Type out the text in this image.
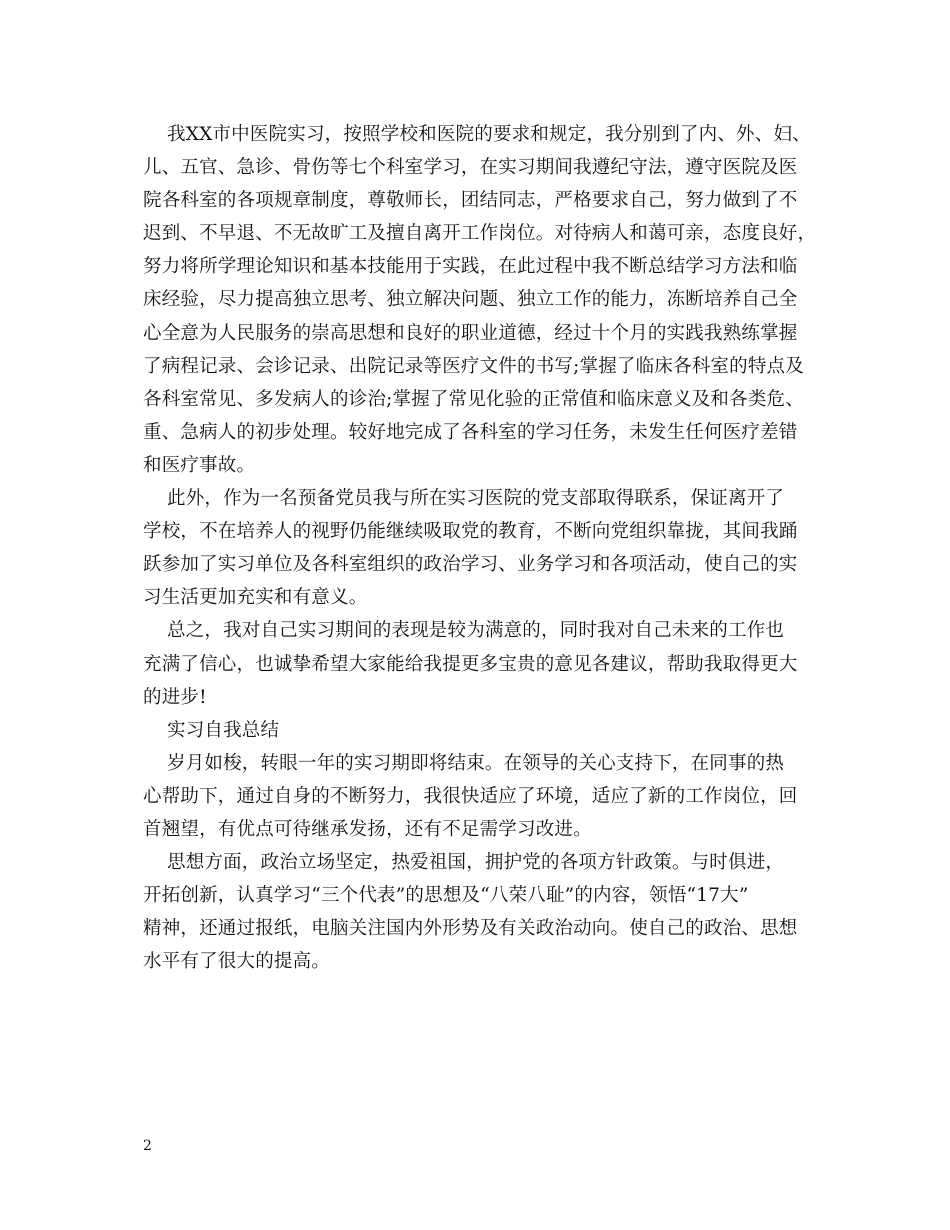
我XX市中医院实习，按照学校和医院的要求和规定，我分别到了内、外、妇、
儿、五官、急诊、骨伤等七个科室学习，在实习期间我遵纪守法，遵守医院及医
院各科室的各项规章制度，尊敬师长，团结同志，严格要求自己，努力做到了不
迟到、不早退、不无故旷工及擅自离开工作岗位。对待病人和蔼可亲，态度良好，
努力将所学理论知识和基本技能用于实践，在此过程中我不断总结学习方法和临
床经验，尽力提高独立思考、独立解决问题、独立工作的能力，冻断培养自己全
心全意为人民服务的崇高思想和良好的职业道德，经过十个月的实践我熟练掌握
了病程记录、会诊记录、出院记录等医疗文件的书写;掌握了临床各科室的特点及
各科室常见、多发病人的诊治;掌握了常见化验的正常值和临床意义及和各类危、
重、急病人的初步处理。较好地完成了各科室的学习任务，未发生任何医疗差错
和医疗事故。

此外，作为一名预备党员我与所在实习医院的党支部取得联系，保证离开了
学校，不在培养人的视野仍能继续吸取党的教育，不断向党组织靠拢，其间我踊
跃参加了实习单位及各科室组织的政治学习、业务学习和各项活动，使自己的实
习生活更加充实和有意义。

总之，我对自己实习期间的表现是较为满意的，同时我对自己未来的工作也
充满了信心，也诚挚希望大家能给我提更多宝贵的意见各建议，帮助我取得更大
的进步!

实习自我总结

岁月如梭，转眼一年的实习期即将结束。在领导的关心支持下，在同事的热
心帮助下，通过自身的不断努力，我很快适应了环境，适应了新的工作岗位，回
首翘望，有优点可待继承发扬，还有不足需学习改进。

思想方面，政治立场坚定，热爱祖国，拥护党的各项方针政策。与时俱进，
开拓创新，认真学习“三个代表”的思想及“八荣八耻”的内容，领悟“17大”
精神，还通过报纸，电脑关注国内外形势及有关政治动向。使自己的政治、思想
水平有了很大的提高。

2
